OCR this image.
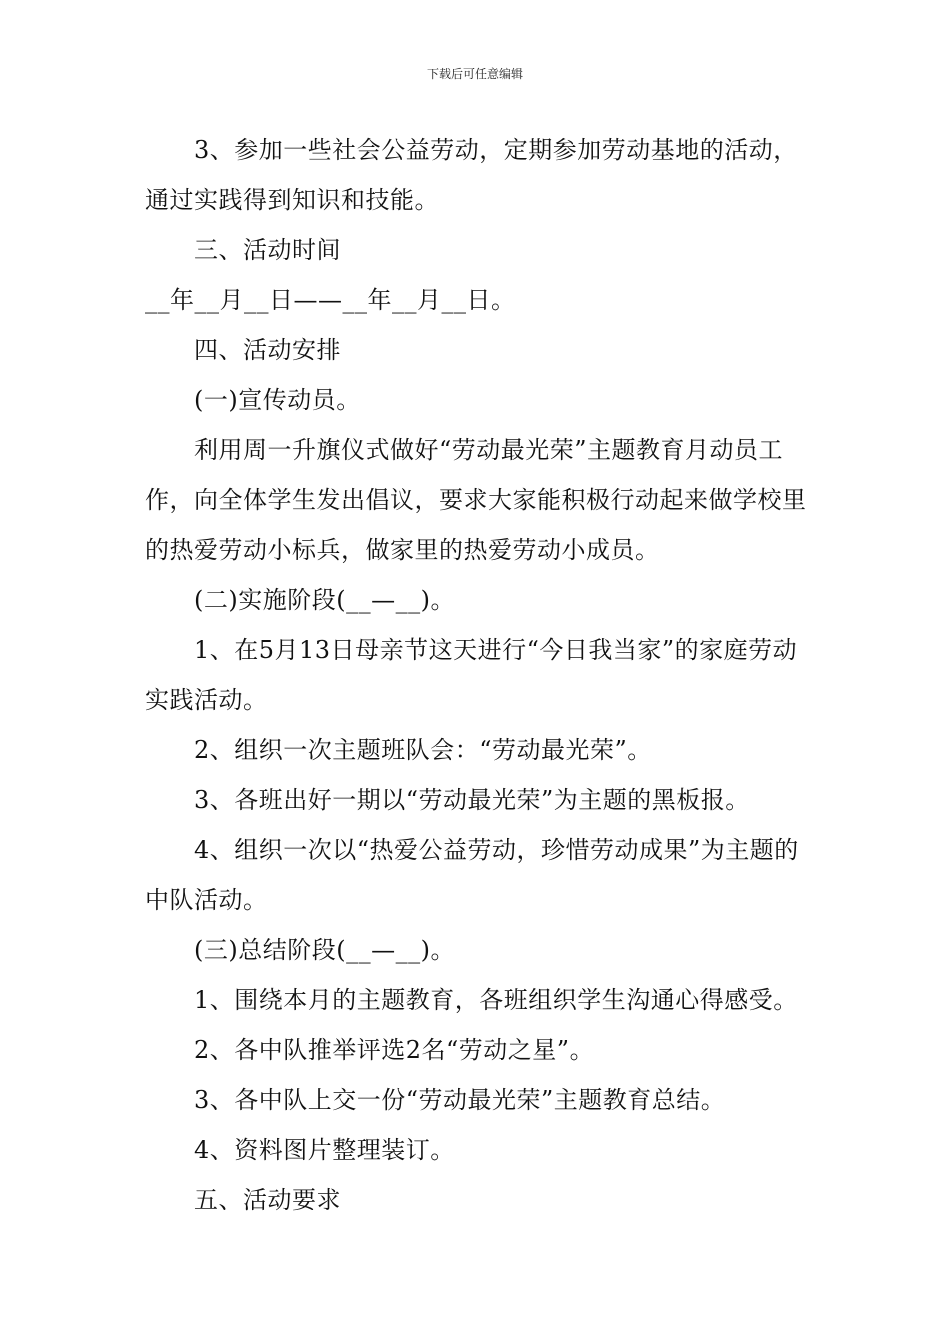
下载后可任意编辑

3、参加一些社会公益劳动，定期参加劳动基地的活动，通过实践得到知识和技能。

三、活动时间

__年__月__日——__年__月__日。

四、活动安排

(一)宣传动员。

利用周一升旗仪式做好“劳动最光荣”主题教育月动员工作，向全体学生发出倡议，要求大家能积极行动起来做学校里的热爱劳动小标兵，做家里的热爱劳动小成员。

(二)实施阶段(__—__)。

1、在5月13日母亲节这天进行“今日我当家”的家庭劳动实践活动。

2、组织一次主题班队会：“劳动最光荣”。

3、各班出好一期以“劳动最光荣”为主题的黑板报。

4、组织一次以“热爱公益劳动，珍惜劳动成果”为主题的中队活动。

(三)总结阶段(__—__)。

1、围绕本月的主题教育，各班组织学生沟通心得感受。

2、各中队推举评选2名“劳动之星”。

3、各中队上交一份“劳动最光荣”主题教育总结。

4、资料图片整理装订。

五、活动要求
